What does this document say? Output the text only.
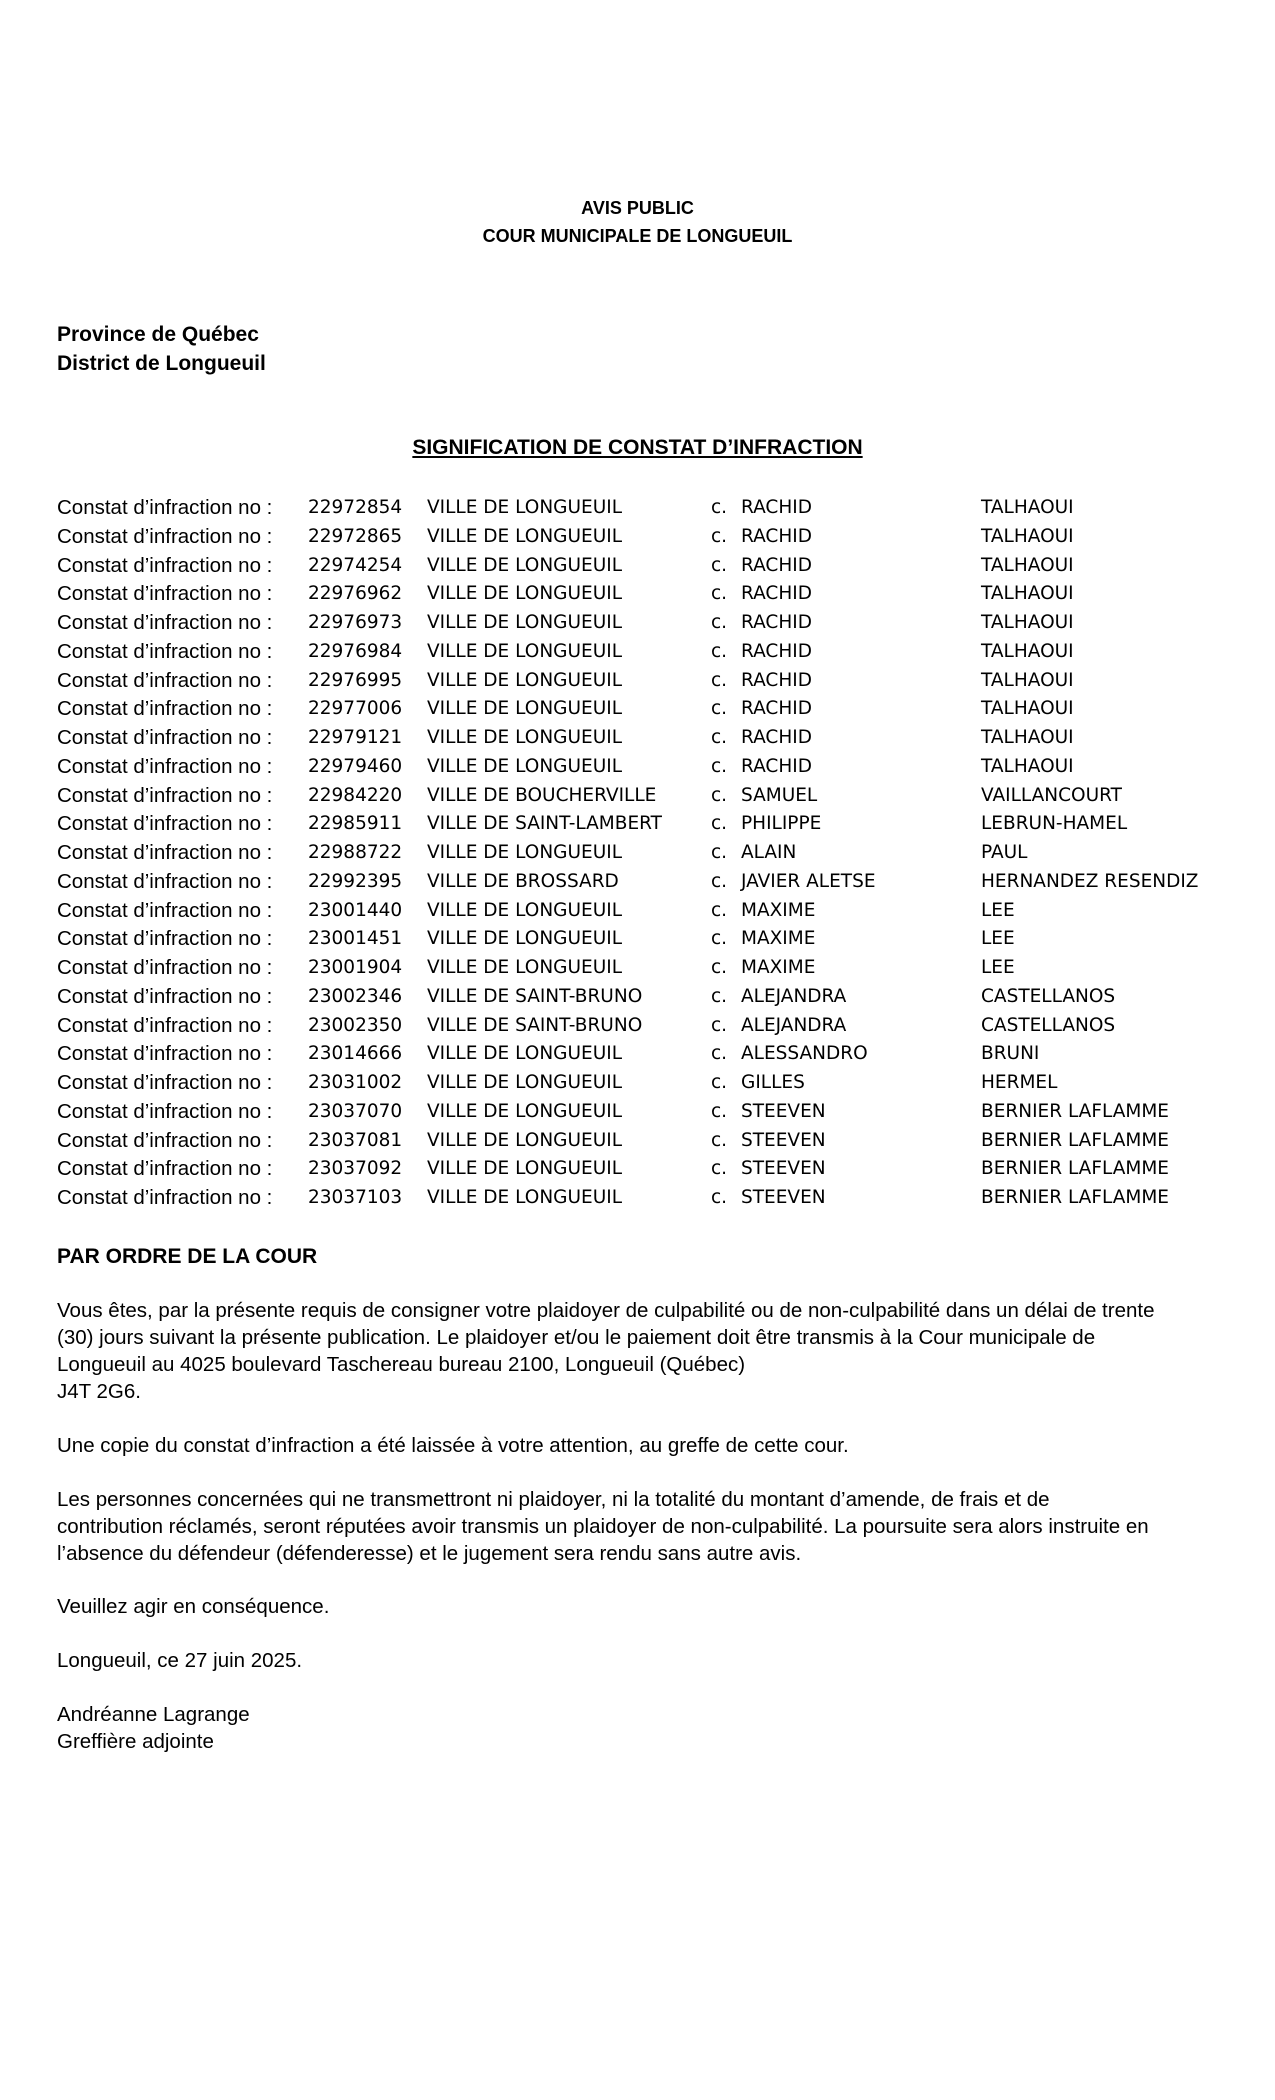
AVIS PUBLIC
COUR MUNICIPALE DE LONGUEUIL
Province de Québec
District de Longueuil
SIGNIFICATION DE CONSTAT D’INFRACTION
Constat d’infraction no : 22972854 VILLE DE LONGUEUIL	c. RACHID	TALHAOUI
Constat d’infraction no : 22972865 VILLE DE LONGUEUIL	c. RACHID	TALHAOUI
Constat d’infraction no : 22974254 VILLE DE LONGUEUIL	c. RACHID	TALHAOUI
Constat d’infraction no : 22976962 VILLE DE LONGUEUIL	c. RACHID	TALHAOUI
Constat d’infraction no : 22976973 VILLE DE LONGUEUIL	c. RACHID	TALHAOUI
Constat d’infraction no : 22976984 VILLE DE LONGUEUIL	c. RACHID	TALHAOUI
Constat d’infraction no : 22976995 VILLE DE LONGUEUIL	c. RACHID	TALHAOUI
Constat d’infraction no : 22977006 VILLE DE LONGUEUIL	c. RACHID	TALHAOUI
Constat d’infraction no : 22979121 VILLE DE LONGUEUIL	c. RACHID	TALHAOUI
Constat d’infraction no : 22979460 VILLE DE LONGUEUIL	c. RACHID	TALHAOUI
Constat d’infraction no : 22984220 VILLE DE BOUCHERVILLE	c. SAMUEL	VAILLANCOURT
Constat d’infraction no : 22985911 VILLE DE SAINT-LAMBERT	c. PHILIPPE	LEBRUN-HAMEL
Constat d’infraction no : 22988722 VILLE DE LONGUEUIL	c. ALAIN	PAUL
Constat d’infraction no : 22992395 VILLE DE BROSSARD	c. JAVIER ALETSE	HERNANDEZ RESENDIZ
Constat d’infraction no : 23001440 VILLE DE LONGUEUIL	c. MAXIME	LEE
Constat d’infraction no : 23001451 VILLE DE LONGUEUIL	c. MAXIME	LEE
Constat d’infraction no : 23001904 VILLE DE LONGUEUIL	c. MAXIME	LEE
Constat d’infraction no : 23002346 VILLE DE SAINT-BRUNO	c. ALEJANDRA	CASTELLANOS
Constat d’infraction no : 23002350 VILLE DE SAINT-BRUNO	c. ALEJANDRA	CASTELLANOS
Constat d’infraction no : 23014666 VILLE DE LONGUEUIL	c. ALESSANDRO	BRUNI
Constat d’infraction no : 23031002 VILLE DE LONGUEUIL	c. GILLES	HERMEL
Constat d’infraction no : 23037070 VILLE DE LONGUEUIL	c. STEEVEN	BERNIER LAFLAMME
Constat d’infraction no : 23037081 VILLE DE LONGUEUIL	c. STEEVEN	BERNIER LAFLAMME
Constat d’infraction no : 23037092 VILLE DE LONGUEUIL	c. STEEVEN	BERNIER LAFLAMME
Constat d’infraction no : 23037103 VILLE DE LONGUEUIL	c. STEEVEN	BERNIER LAFLAMME
PAR ORDRE DE LA COUR
Vous êtes, par la présente requis de consigner votre plaidoyer de culpabilité ou de non-culpabilité dans un délai de trente
(30) jours suivant la présente publication. Le plaidoyer et/ou le paiement doit être transmis à la Cour municipale de
Longueuil au 4025 boulevard Taschereau bureau 2100, Longueuil (Québec)
J4T 2G6.
Une copie du constat d’infraction a été laissée à votre attention, au greffe de cette cour.
Les personnes concernées qui ne transmettront ni plaidoyer, ni la totalité du montant d’amende, de frais et de
contribution réclamés, seront réputées avoir transmis un plaidoyer de non-culpabilité. La poursuite sera alors instruite en
l’absence du défendeur (défenderesse) et le jugement sera rendu sans autre avis.
Veuillez agir en conséquence.
Longueuil, ce 27 juin 2025.
Andréanne Lagrange
Greffière adjointe
